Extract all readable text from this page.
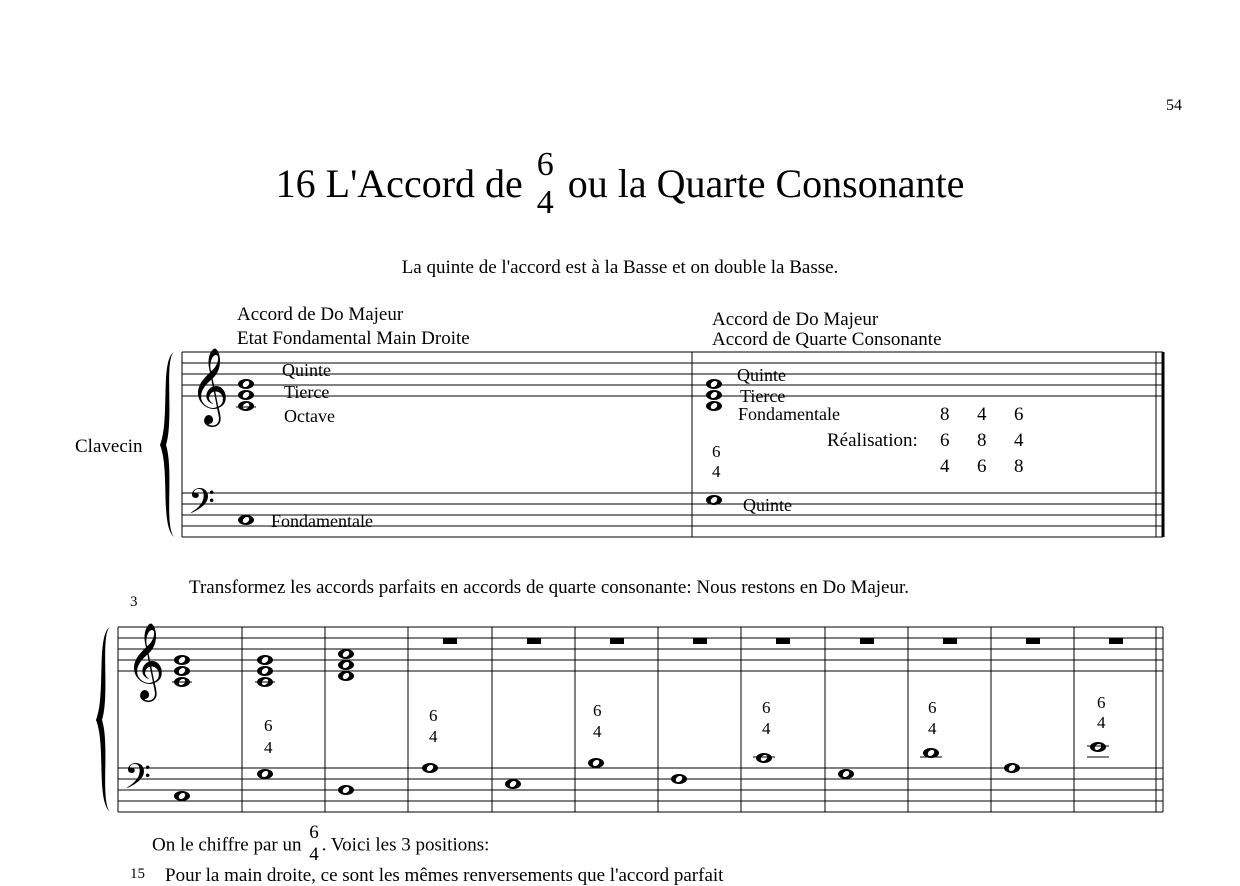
54
16 L'Accord de 6
4 ou la Quarte Consonante
La quinte de l'accord est à la Basse et on double la Basse.
𝄞
𝄢
𝄞
𝄢
Accord de Do Majeur
Etat Fondamental Main Droite
Accord de Do Majeur
Accord de Quarte Consonante
Clavecin
Quinte
Tierce
Octave
Fondamentale
Quinte
Tierce
Fondamentale
Quinte
6
4
Réalisation:
8 4 6
6 8 4
4 6 8
Transformez les accords parfaits en accords de quarte consonante: Nous restons en Do Majeur.
3
6
4
6
4
6
4
6
4
6
4
6
4
On le chiffre par un
6
4 . Voici les 3 positions:
15 Pour la main droite, ce sont les mêmes renversements que l'accord parfait
